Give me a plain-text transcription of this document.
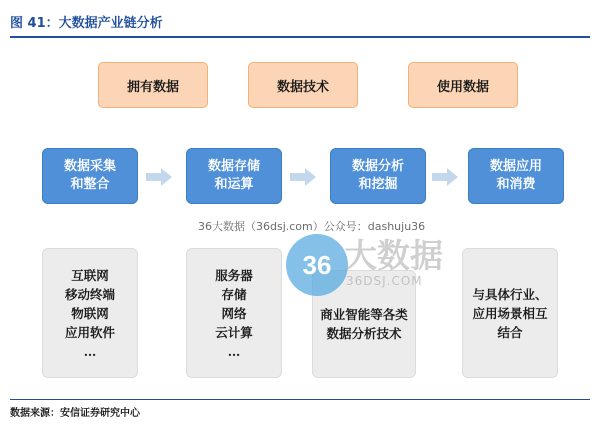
图 41：大数据产业链分析
拥有数据	数据技术	使用数据
数据采集
和整合
数据存储
和运算
数据分析
和挖掘
数据应用
和消费
互联网
移动终端
物联网
应用软件
…
服务器
存储
网络
云计算
…
商业智能等各类数据分析技术
与具体行业、应用场景相互结合
36大数据（36dsj.com）公众号：dashuju36
36 大数据
36DSJ.COM
数据来源：安信证券研究中心
